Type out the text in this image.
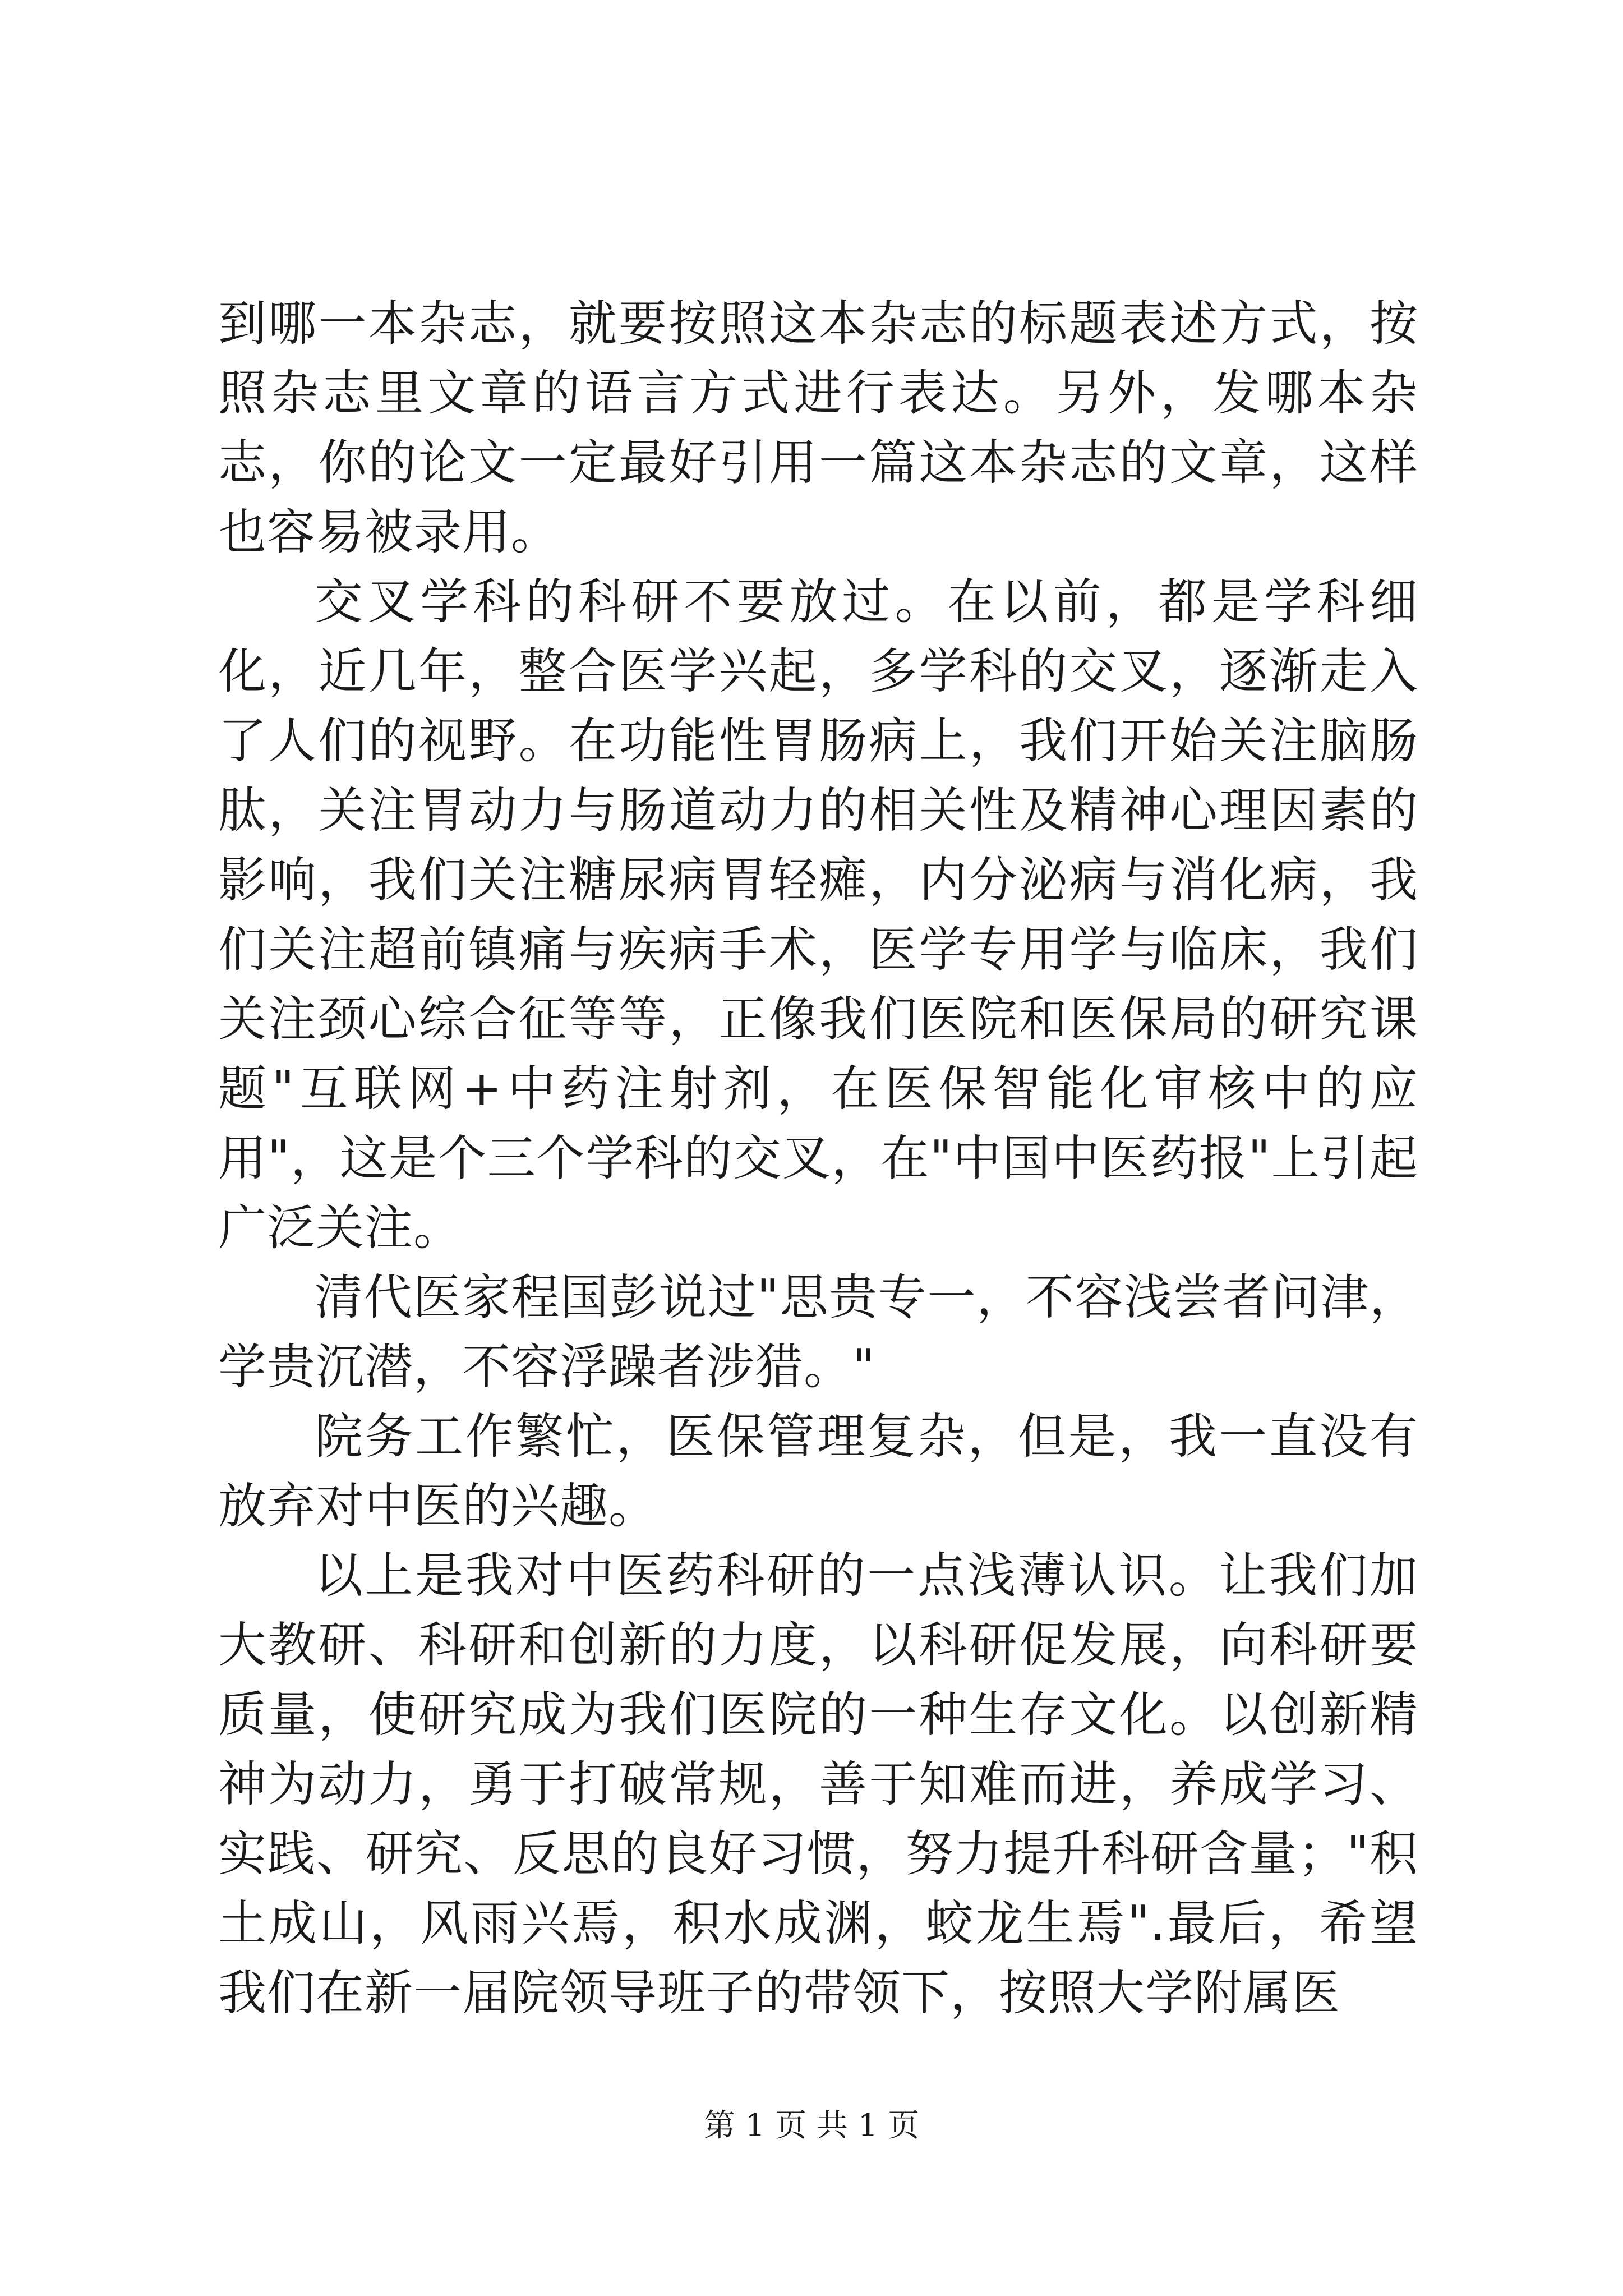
到哪一本杂志，就要按照这本杂志的标题表述方式，按照杂志里文章的语言方式进行表达。另外，发哪本杂志，你的论文一定最好引用一篇这本杂志的文章，这样也容易被录用。

交叉学科的科研不要放过。在以前，都是学科细化，近几年，整合医学兴起，多学科的交叉，逐渐走入了人们的视野。在功能性胃肠病上，我们开始关注脑肠肽，关注胃动力与肠道动力的相关性及精神心理因素的影响，我们关注糖尿病胃轻瘫，内分泌病与消化病，我们关注超前镇痛与疾病手术，医学专用学与临床，我们关注颈心综合征等等，正像我们医院和医保局的研究课题"互联网+中药注射剂，在医保智能化审核中的应用"，这是个三个学科的交叉，在"中国中医药报"上引起广泛关注。

清代医家程国彭说过"思贵专一，不容浅尝者问津，学贵沉潜，不容浮躁者涉猎。"

院务工作繁忙，医保管理复杂，但是，我一直没有放弃对中医的兴趣。

以上是我对中医药科研的一点浅薄认识。让我们加大教研、科研和创新的力度，以科研促发展，向科研要质量，使研究成为我们医院的一种生存文化。以创新精神为动力，勇于打破常规，善于知难而进，养成学习、实践、研究、反思的良好习惯，努力提升科研含量；"积土成山，风雨兴焉，积水成渊，蛟龙生焉".最后，希望我们在新一届院领导班子的带领下，按照大学附属医

第 1 页 共 1 页
